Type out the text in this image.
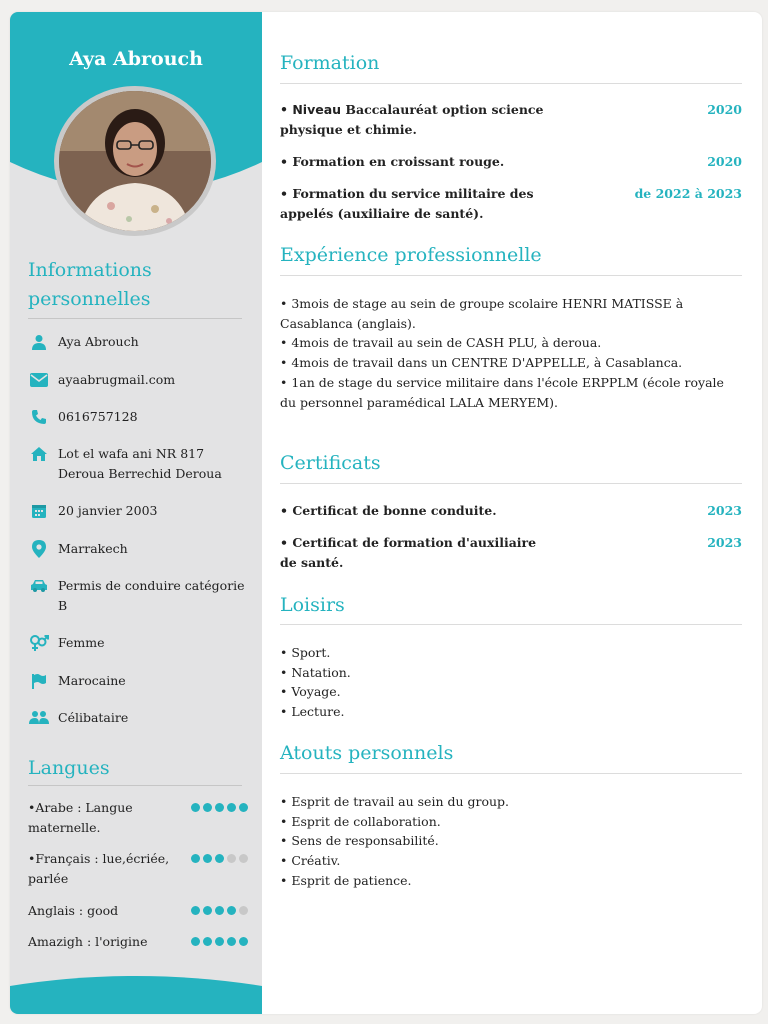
Aya Abrouch
Informations
personnelles
Aya Abrouch
ayaabrugmail.com
0616757128
Lot el wafa ani NR 817 Deroua Berrechid Deroua
20 janvier 2003
Marrakech
Permis de conduire catégorie B
Femme
Marocaine
Célibataire
Langues
•Arabe : Langue maternelle.
•Français : lue,écriée, parlée
Anglais : good
Amazigh : l'origine
Formation
• Niveau Baccalauréat option science physique et chimie.
2020
• Formation en croissant rouge.	2020
• Formation du service militaire des appelés (auxiliaire de santé).
de 2022 à 2023
Expérience professionnelle
• 3mois de stage au sein de groupe scolaire HENRI MATISSE à Casablanca (anglais).
• 4mois de travail au sein de CASH PLU, à deroua.
• 4mois de travail dans un CENTRE D'APPELLE, à Casablanca.
• 1an de stage du service militaire dans l'école ERPPLM (école royale du personnel paramédical LALA MERYEM).
Certificats
• Certificat de bonne conduite.	2023
• Certificat de formation d'auxiliaire de santé.
2023
Loisirs
• Sport.
• Natation.
• Voyage.
• Lecture.
Atouts personnels
• Esprit de travail au sein du group.
• Esprit de collaboration.
• Sens de responsabilité.
• Créativ.
• Esprit de patience.
